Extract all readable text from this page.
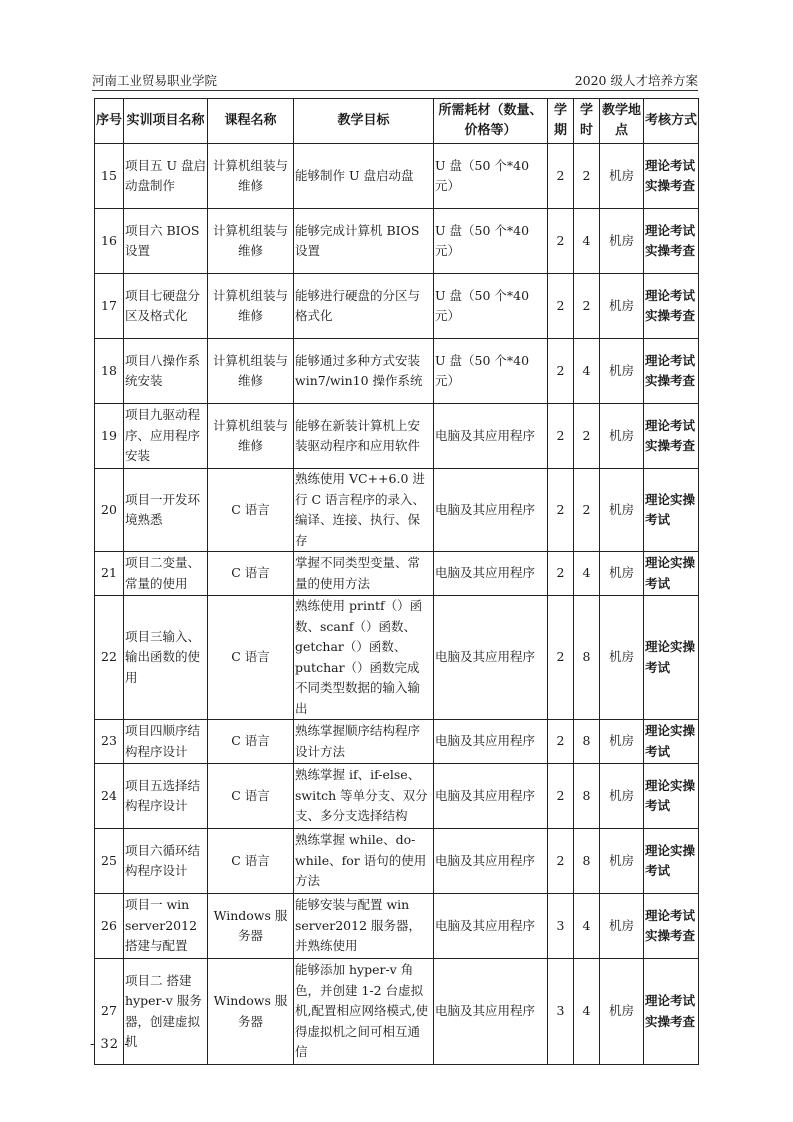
河南工业贸易职业学院	2020 级人才培养方案
序号	实训项目名称	课程名称	教学目标	所需耗材（数量、价格等）	学期	学时	教学地点	考核方式
15	项目五 U 盘启动盘制作	计算机组装与维修	能够制作 U 盘启动盘	U 盘（50 个*40 元）	2	2	机房	理论考试实操考查
16	项目六 BIOS 设置	计算机组装与维修	能够完成计算机 BIOS 设置	U 盘（50 个*40 元）	2	4	机房	理论考试实操考查
17	项目七硬盘分区及格式化	计算机组装与维修	能够进行硬盘的分区与格式化	U 盘（50 个*40 元）	2	2	机房	理论考试实操考查
18	项目八操作系统安装	计算机组装与维修	能够通过多种方式安装 win7/win10 操作系统	U 盘（50 个*40 元）	2	4	机房	理论考试实操考查
19	项目九驱动程序、应用程序安装	计算机组装与维修	能够在新装计算机上安装驱动程序和应用软件	电脑及其应用程序	2	2	机房	理论考试实操考查
20	项目一开发环境熟悉	C 语言	熟练使用 VC++6.0 进行 C 语言程序的录入、编译、连接、执行、保存	电脑及其应用程序	2	2	机房	理论实操考试
21	项目二变量、常量的使用	C 语言	掌握不同类型变量、常量的使用方法	电脑及其应用程序	2	4	机房	理论实操考试
22	项目三输入、输出函数的使用	C 语言	熟练使用 printf（）函数、scanf（）函数、getchar（）函数、putchar（）函数完成不同类型数据的输入输出	电脑及其应用程序	2	8	机房	理论实操考试
23	项目四顺序结构程序设计	C 语言	熟练掌握顺序结构程序设计方法	电脑及其应用程序	2	8	机房	理论实操考试
24	项目五选择结构程序设计	C 语言	熟练掌握 if、if-else、switch 等单分支、双分支、多分支选择结构	电脑及其应用程序	2	8	机房	理论实操考试
25	项目六循环结构程序设计	C 语言	熟练掌握 while、do-while、for 语句的使用方法	电脑及其应用程序	2	8	机房	理论实操考试
26	项目一 win server2012 搭建与配置	Windows 服务器	能够安装与配置 win server2012 服务器，并熟练使用	电脑及其应用程序	3	4	机房	理论考试实操考查
27	项目二 搭建 hyper-v 服务器，创建虚拟机	Windows 服务器	能够添加 hyper-v 角色，并创建 1-2 台虚拟机,配置相应网络模式,使得虚拟机之间可相互通信	电脑及其应用程序	3	4	机房	理论考试实操考查
- 32 -
